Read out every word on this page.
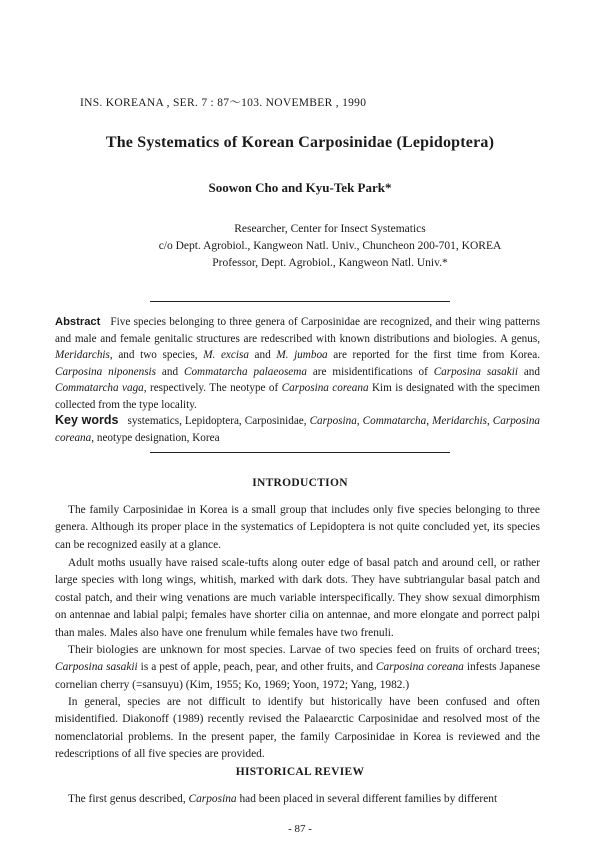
INS. KOREANA , SER. 7 : 87～103. NOVEMBER , 1990
The Systematics of Korean Carposinidae (Lepidoptera)
Soowon Cho and Kyu-Tek Park*
Researcher, Center for Insect Systematics
c/o Dept. Agrobiol., Kangweon Natl. Univ., Chuncheon 200-701, KOREA
Professor, Dept. Agrobiol., Kangweon Natl. Univ.*
Abstract Five species belonging to three genera of Carposinidae are recognized, and their wing patterns and male and female genitalic structures are redescribed with known distributions and biologies. A genus, Meridarchis, and two species, M. excisa and M. jumboa are reported for the first time from Korea. Carposina niponensis and Commatarcha palaeosema are misidentifications of Carposina sasakii and Commatarcha vaga, respectively. The neotype of Carposina coreana Kim is designated with the specimen collected from the type locality.
Key words systematics, Lepidoptera, Carposinidae, Carposina, Commatarcha, Meridarchis, Carposina coreana, neotype designation, Korea
INTRODUCTION
The family Carposinidae in Korea is a small group that includes only five species belonging to three genera. Although its proper place in the systematics of Lepidoptera is not quite concluded yet, its species can be recognized easily at a glance.
Adult moths usually have raised scale-tufts along outer edge of basal patch and around cell, or rather large species with long wings, whitish, marked with dark dots. They have subtriangular basal patch and costal patch, and their wing venations are much variable interspecifically. They show sexual dimorphism on antennae and labial palpi; females have shorter cilia on antennae, and more elongate and porrect palpi than males. Males also have one frenulum while females have two frenuli.
Their biologies are unknown for most species. Larvae of two species feed on fruits of orchard trees; Carposina sasakii is a pest of apple, peach, pear, and other fruits, and Carposina coreana infests Japanese cornelian cherry (=sansuyu) (Kim, 1955; Ko, 1969; Yoon, 1972; Yang, 1982.)
In general, species are not difficult to identify but historically have been confused and often misidentified. Diakonoff (1989) recently revised the Palaearctic Carposinidae and resolved most of the nomenclatorial problems. In the present paper, the family Carposinidae in Korea is reviewed and the redescriptions of all five species are provided.
HISTORICAL REVIEW
The first genus described, Carposina had been placed in several different families by different
- 87 -
